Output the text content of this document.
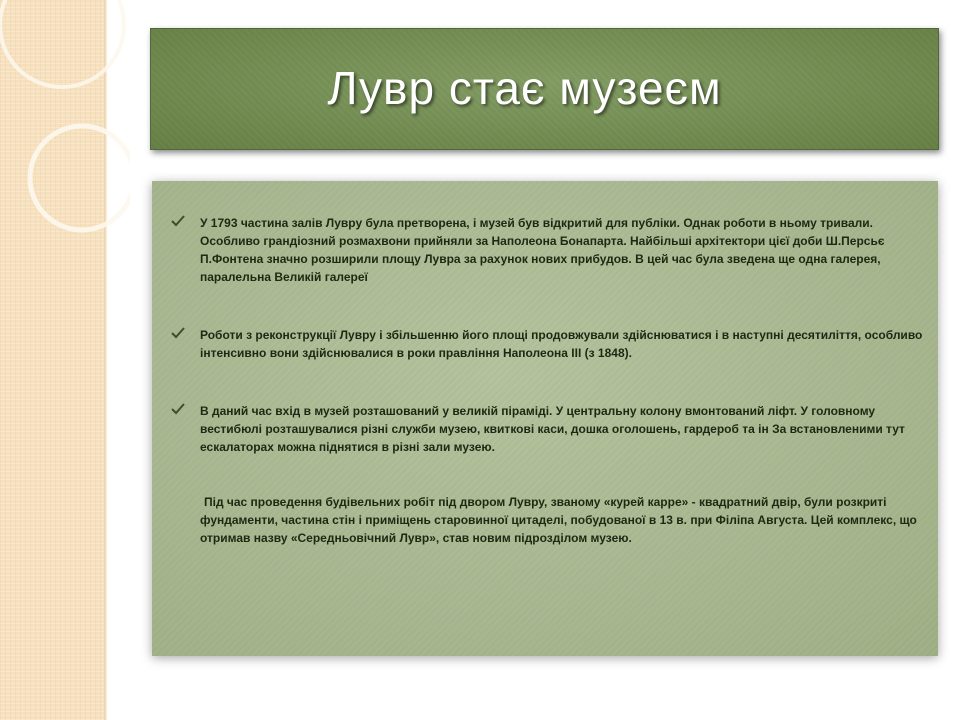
Лувр стає музеєм
У 1793 частина залів Лувру була претворена, і музей був відкритий для публіки. Однак роботи в ньому тривали. Особливо грандіозний розмахвони прийняли за Наполеона Бонапарта. Найбільші архітектори цієї доби Ш.Персьє П.Фонтена значно розширили площу Лувра за рахунок нових прибудов. В цей час була зведена ще одна галерея, паралельна Великій галереї
Роботи з реконструкції Лувру і збільшенню його площі продовжували здійснюватися і в наступні десятиліття, особливо інтенсивно вони здійснювалися в роки правління Наполеона III (з 1848).
В даний час вхід в музей розташований у великій піраміді. У центральну колону вмонтований ліфт. У головному вестибюлі розташувалися різні служби музею, квиткові каси, дошка оголошень, гардероб та ін За встановленими тут ескалаторах можна піднятися в різні зали музею.
Під час проведення будівельних робіт під двором Лувру, званому «курей карре» - квадратний двір, були розкриті фундаменти, частина стін і приміщень старовинної цитаделі, побудованої в 13 в. при Філіпа Августа. Цей комплекс, що отримав назву «Середньовічний Лувр», став новим підрозділом музею.
